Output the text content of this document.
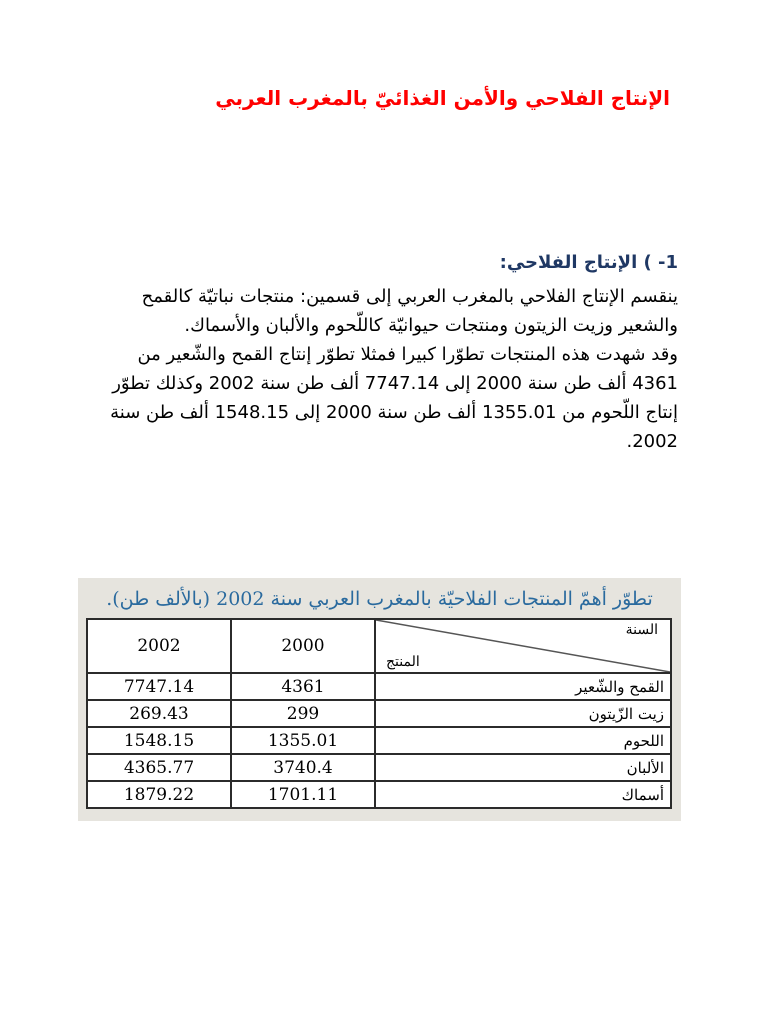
الإنتاج الفلاحي والأمن الغذائيّ بالمغرب العربي
1- ) الإنتاج الفلاحي:

ينقسم الإنتاج الفلاحي بالمغرب العربي إلى قسمين: منتجات نباتيّة كالقمح والشعير وزيت الزيتون ومنتجات حيوانيّة كاللّحوم والألبان والأسماك.

وقد شهدت هذه المنتجات تطوّرا كبيرا فمثلا تطوّر إنتاج القمح والشّعير من 4361 ألف طن سنة 2000 إلى 7747.14 ألف طن سنة 2002 وكذلك تطوّر إنتاج اللّحوم من 1355.01 ألف طن سنة 2000 إلى 1548.15 ألف طن سنة 2002.

تطوّر أهمّ المنتجات الفلاحيّة بالمغرب العربي سنة 2002 (بالألف طن).
السنة
المنتج	2000	2002
القمح والشّعير	4361	7747.14
زيت الزّيتون	299	269.43
اللحوم	1355.01	1548.15
الألبان	3740.4	4365.77
أسماك	1701.11	1879.22
